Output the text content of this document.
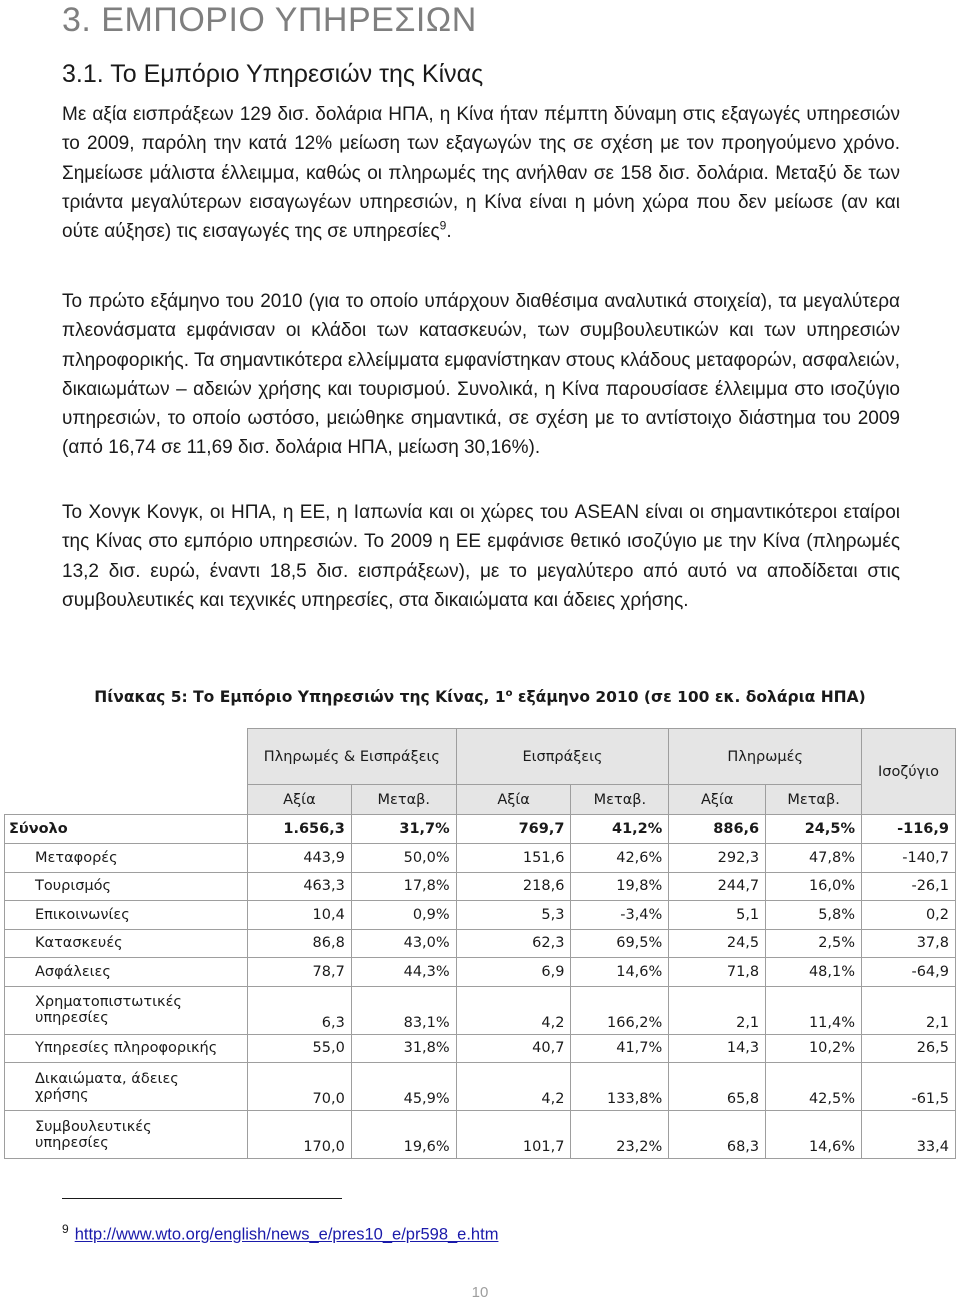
3. ΕΜΠΟΡΙΟ ΥΠΗΡΕΣΙΩΝ
3.1. Το Εμπόριο Υπηρεσιών της Κίνας

Με αξία εισπράξεων 129 δισ. δολάρια ΗΠΑ, η Κίνα ήταν πέμπτη δύναμη στις εξαγωγές υπηρεσιών το 2009, παρόλη την κατά 12% μείωση των εξαγωγών της σε σχέση με τον προηγούμενο χρόνο. Σημείωσε μάλιστα έλλειμμα, καθώς οι πληρωμές της ανήλθαν σε 158 δισ. δολάρια. Μεταξύ δε των τριάντα μεγαλύτερων εισαγωγέων υπηρεσιών, η Κίνα είναι η μόνη χώρα που δεν μείωσε (αν και ούτε αύξησε) τις εισαγωγές της σε υπηρεσίες$^9$.

Το πρώτο εξάμηνο του 2010 (για το οποίο υπάρχουν διαθέσιμα αναλυτικά στοιχεία), τα μεγαλύτερα πλεονάσματα εμφάνισαν οι κλάδοι των κατασκευών, των συμβουλευτικών και των υπηρεσιών πληροφορικής. Τα σημαντικότερα ελλείμματα εμφανίστηκαν στους κλάδους μεταφορών, ασφαλειών, δικαιωμάτων – αδειών χρήσης και τουρισμού. Συνολικά, η Κίνα παρουσίασε έλλειμμα στο ισοζύγιο υπηρεσιών, το οποίο ωστόσο, μειώθηκε σημαντικά, σε σχέση με το αντίστοιχο διάστημα του 2009 (από 16,74 σε 11,69 δισ. δολάρια ΗΠΑ, μείωση 30,16%).

Το Χονγκ Κονγκ, οι ΗΠΑ, η ΕΕ, η Ιαπωνία και οι χώρες του ASEAN είναι οι σημαντικότεροι εταίροι της Κίνας στο εμπόριο υπηρεσιών. Το 2009 η ΕΕ εμφάνισε θετικό ισοζύγιο με την Κίνα (πληρωμές 13,2 δισ. ευρώ, έναντι 18,5 δισ. εισπράξεων), με το μεγαλύτερο από αυτό να αποδίδεται στις συμβουλευτικές και τεχνικές υπηρεσίες, στα δικαιώματα και άδειες χρήσης.

Πίνακας 5: Το Εμπόριο Υπηρεσιών της Κίνας, $1^o$ εξάμηνο 2010 (σε 100 εκ. δολάρια ΗΠΑ)
	Πληρωμές & Εισπράξεις		Εισπράξεις		Πληρωμές		Ισοζύγιο
	Αξία	Μεταβ.	Αξία	Μεταβ.	Αξία	Μεταβ.	
Σύνολο	1.656,3	31,7%	769,7	41,2%	886,6	24,5%	-116,9
Μεταφορές	443,9	50,0%	151,6	42,6%	292,3	47,8%	-140,7
Τουρισμός	463,3	17,8%	218,6	19,8%	244,7	16,0%	-26,1
Επικοινωνίες	10,4	0,9%	5,3	-3,4%	5,1	5,8%	0,2
Κατασκευές	86,8	43,0%	62,3	69,5%	24,5	2,5%	37,8
Ασφάλειες	78,7	44,3%	6,9	14,6%	71,8	48,1%	-64,9
Χρηματοπιστωτικές υπηρεσίες	6,3	83,1%	4,2	166,2%	2,1	11,4%	2,1
Υπηρεσίες πληροφορικής	55,0	31,8%	40,7	41,7%	14,3	10,2%	26,5
Δικαιώματα, άδειες χρήσης	70,0	45,9%	4,2	133,8%	65,8	42,5%	-61,5
Συμβουλευτικές υπηρεσίες	170,0	19,6%	101,7	23,2%	68,3	14,6%	33,4
$^9$ http://www.wto.org/english/news_e/pres10_e/pr598_e.htm
10
